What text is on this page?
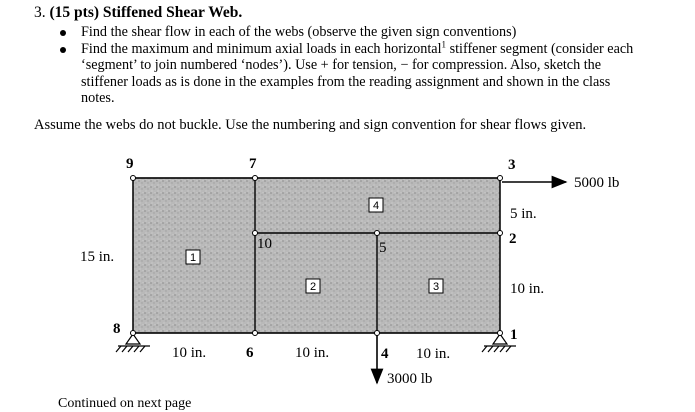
3. (15 pts) Stiffened Shear Web.
Find the shear flow in each of the webs (observe the given sign conventions)
Find the maximum and minimum axial loads in each horizontal$^1$ stiffener segment (consider each ‘segment’ to join numbered ‘nodes’). Use + for tension, − for compression. Also, sketch the stiffener loads as is done in the examples from the reading assignment and shown in the class notes.
Assume the webs do not buckle. Use the numbering and sign convention for shear flows given.
Continued on next page
1
2	3
4
9	7	3
5
2
10
8
6	4
1
15 in.
5 in.
10 in.
10 in.	10 in.	10 in.
5000 lb
3000 lb
